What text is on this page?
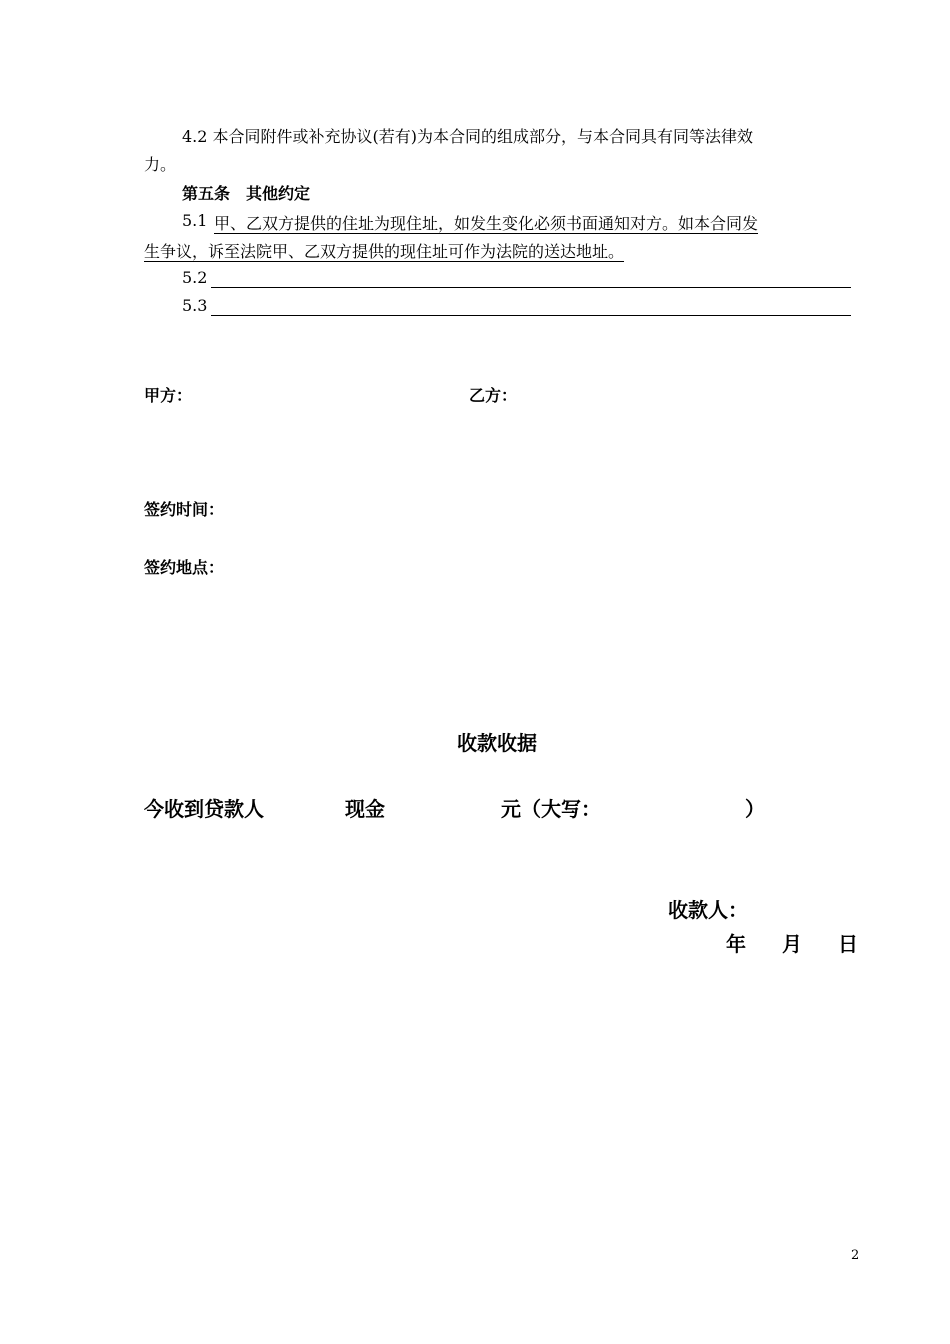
4.2 本合同附件或补充协议(若有)为本合同的组成部分，与本合同具有同等法律效
力。
第五条　其他约定
5.1 甲、乙双方提供的住址为现住址，如发生变化必须书面通知对方。如本合同发
生争议，诉至法院甲、乙双方提供的现住址可作为法院的送达地址。
5.2
5.3
甲方：	乙方：
签约时间：
签约地点：
收款收据
今收到贷款人	现金	元（大写：	）
收款人：
年 月 日
2
